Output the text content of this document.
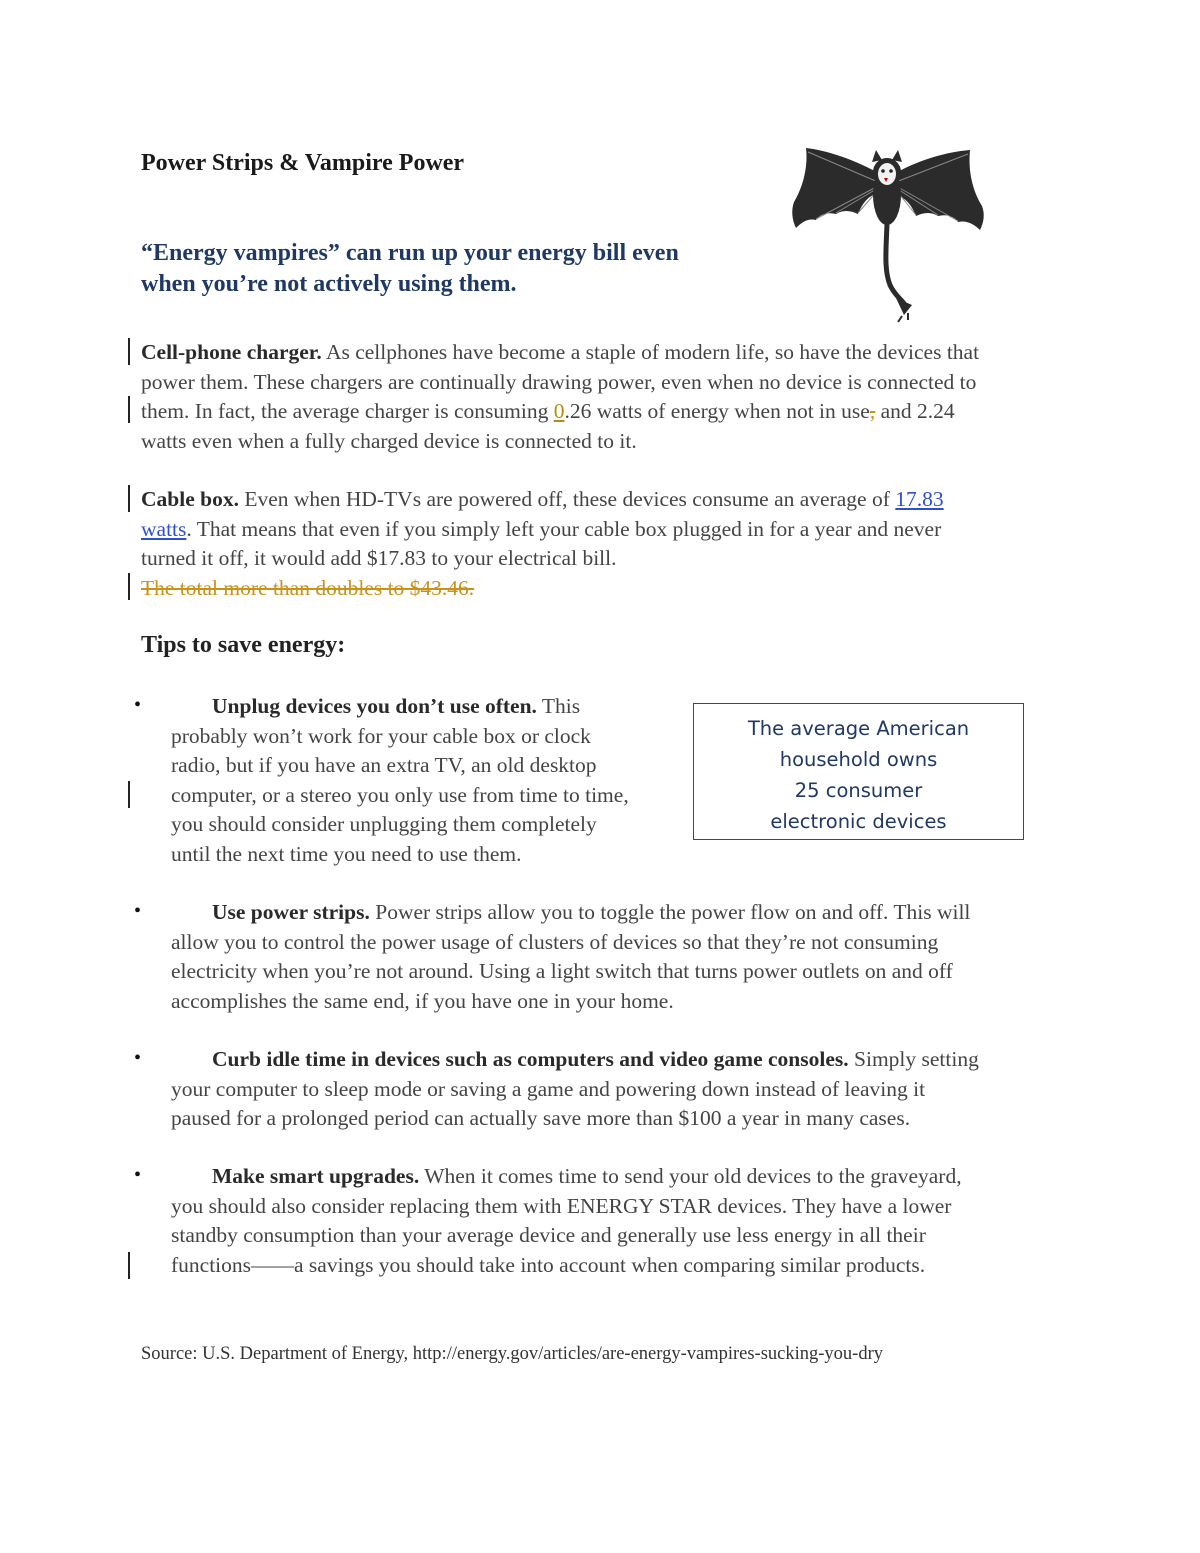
Power Strips & Vampire Power
“Energy vampires” can run up your energy bill even
when you’re not actively using them.
Cell-phone charger. As cellphones have become a staple of modern life, so have the devices that
power them. These chargers are continually drawing power, even when no device is connected to
them. In fact, the average charger is consuming 0.26 watts of energy when not in use, and 2.24
watts even when a fully charged device is connected to it.
Cable box. Even when HD-TVs are powered off, these devices consume an average of 17.83
watts. That means that even if you simply left your cable box plugged in for a year and never
turned it off, it would add $17.83 to your electrical bill.
The total more than doubles to $43.46.
Tips to save energy:
•	Unplug devices you don’t use often. This
probably won’t work for your cable box or clock
radio, but if you have an extra TV, an old desktop
computer, or a stereo you only use from time to time,
you should consider unplugging them completely
until the next time you need to use them.
The average American
household owns
25 consumer
electronic devices
•	Use power strips. Power strips allow you to toggle the power flow on and off. This will
allow you to control the power usage of clusters of devices so that they’re not consuming
electricity when you’re not around. Using a light switch that turns power outlets on and off
accomplishes the same end, if you have one in your home.
•	Curb idle time in devices such as computers and video game consoles. Simply setting
your computer to sleep mode or saving a game and powering down instead of leaving it
paused for a prolonged period can actually save more than $100 a year in many cases.
•	Make smart upgrades. When it comes time to send your old devices to the graveyard,
you should also consider replacing them with ENERGY STAR devices. They have a lower
standby consumption than your average device and generally use less energy in all their
functions——a savings you should take into account when comparing similar products.
Source: U.S. Department of Energy, http://energy.gov/articles/are-energy-vampires-sucking-you-dry
